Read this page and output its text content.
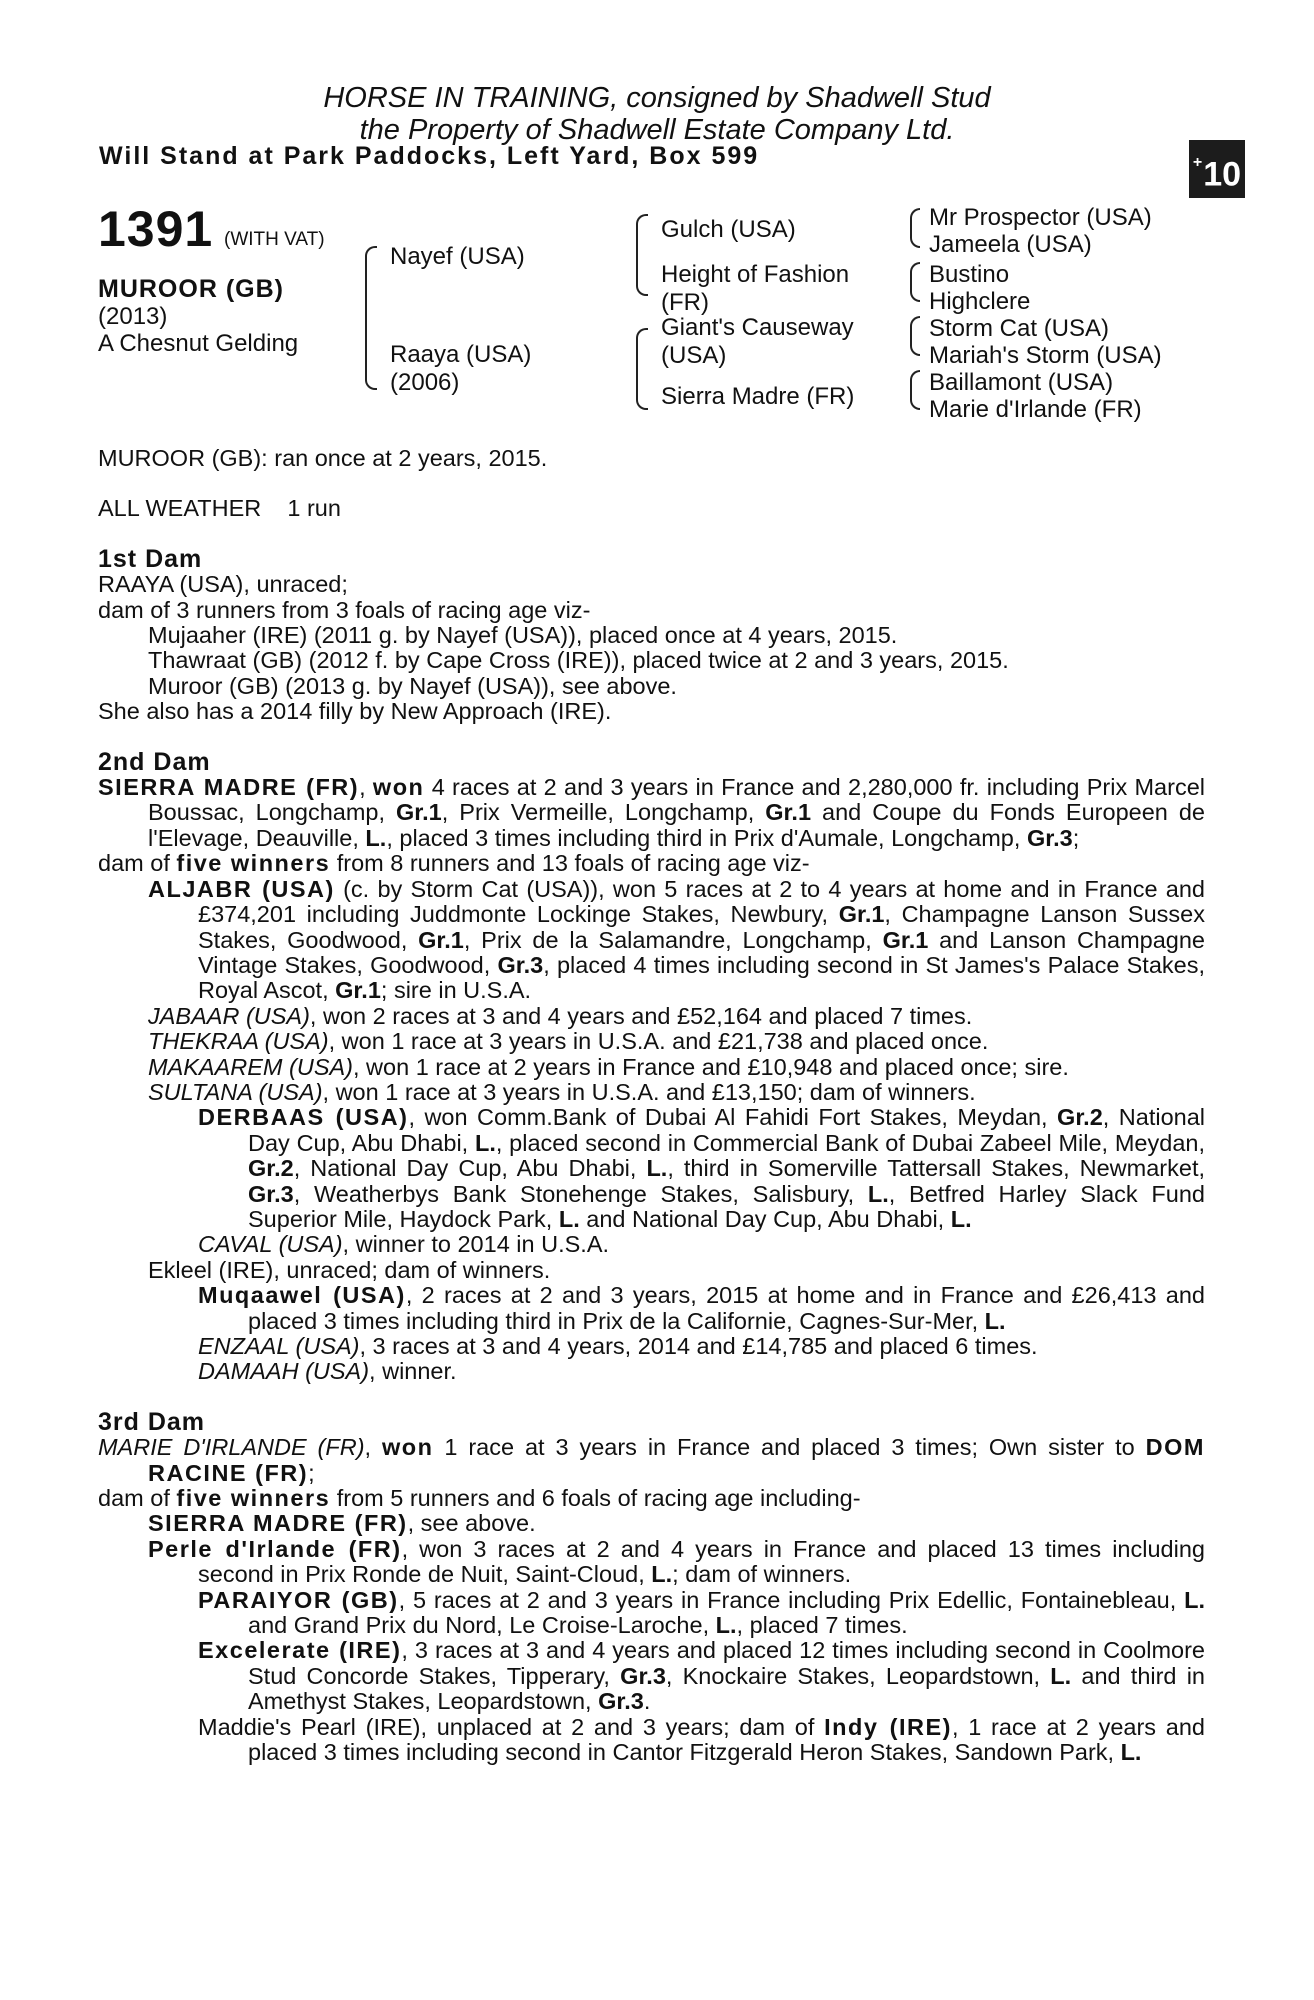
HORSE IN TRAINING, consigned by Shadwell Stud
the Property of Shadwell Estate Company Ltd.
Will Stand at Park Paddocks, Left Yard, Box 599	+10
1391 (WITH VAT)
MUROOR (GB)
(2013)
A Chesnut Gelding
Nayef (USA)
Raaya (USA)
(2006)
Gulch (USA)
Height of Fashion
(FR)
Giant's Causeway
(USA)
Sierra Madre (FR)
Mr Prospector (USA)
Jameela (USA)
Bustino
Highclere
Storm Cat (USA)
Mariah's Storm (USA)
Baillamont (USA)
Marie d'Irlande (FR)

MUROOR (GB): ran once at 2 years, 2015.

ALL WEATHER 1 run

1st Dam

RAAYA (USA), unraced;

dam of 3 runners from 3 foals of racing age viz-

Mujaaher (IRE) (2011 g. by Nayef (USA)), placed once at 4 years, 2015.

Thawraat (GB) (2012 f. by Cape Cross (IRE)), placed twice at 2 and 3 years, 2015.

Muroor (GB) (2013 g. by Nayef (USA)), see above.

She also has a 2014 filly by New Approach (IRE).

2nd Dam

SIERRA MADRE (FR), won 4 races at 2 and 3 years in France and 2,280,000 fr. including Prix Marcel Boussac, Longchamp, Gr.1, Prix Vermeille, Longchamp, Gr.1 and Coupe du Fonds Europeen de l'Elevage, Deauville, L., placed 3 times including third in Prix d'Aumale, Longchamp, Gr.3;

dam of five winners from 8 runners and 13 foals of racing age viz-

ALJABR (USA) (c. by Storm Cat (USA)), won 5 races at 2 to 4 years at home and in France and £374,201 including Juddmonte Lockinge Stakes, Newbury, Gr.1, Champagne Lanson Sussex Stakes, Goodwood, Gr.1, Prix de la Salamandre, Longchamp, Gr.1 and Lanson Champagne Vintage Stakes, Goodwood, Gr.3, placed 4 times including second in St James's Palace Stakes, Royal Ascot, Gr.1; sire in U.S.A.

JABAAR (USA), won 2 races at 3 and 4 years and £52,164 and placed 7 times.

THEKRAA (USA), won 1 race at 3 years in U.S.A. and £21,738 and placed once.

MAKAAREM (USA), won 1 race at 2 years in France and £10,948 and placed once; sire.

SULTANA (USA), won 1 race at 3 years in U.S.A. and £13,150; dam of winners.

DERBAAS (USA), won Comm.Bank of Dubai Al Fahidi Fort Stakes, Meydan, Gr.2, National Day Cup, Abu Dhabi, L., placed second in Commercial Bank of Dubai Zabeel Mile, Meydan, Gr.2, National Day Cup, Abu Dhabi, L., third in Somerville Tattersall Stakes, Newmarket, Gr.3, Weatherbys Bank Stonehenge Stakes, Salisbury, L., Betfred Harley Slack Fund Superior Mile, Haydock Park, L. and National Day Cup, Abu Dhabi, L.

CAVAL (USA), winner to 2014 in U.S.A.

Ekleel (IRE), unraced; dam of winners.

Muqaawel (USA), 2 races at 2 and 3 years, 2015 at home and in France and £26,413 and placed 3 times including third in Prix de la Californie, Cagnes-Sur-Mer, L.

ENZAAL (USA), 3 races at 3 and 4 years, 2014 and £14,785 and placed 6 times.

DAMAAH (USA), winner.

3rd Dam

MARIE D'IRLANDE (FR), won 1 race at 3 years in France and placed 3 times; Own sister to DOM RACINE (FR);

dam of five winners from 5 runners and 6 foals of racing age including-

SIERRA MADRE (FR), see above.

Perle d'Irlande (FR), won 3 races at 2 and 4 years in France and placed 13 times including second in Prix Ronde de Nuit, Saint-Cloud, L.; dam of winners.

PARAIYOR (GB), 5 races at 2 and 3 years in France including Prix Edellic, Fontainebleau, L. and Grand Prix du Nord, Le Croise-Laroche, L., placed 7 times.

Excelerate (IRE), 3 races at 3 and 4 years and placed 12 times including second in Coolmore Stud Concorde Stakes, Tipperary, Gr.3, Knockaire Stakes, Leopardstown, L. and third in Amethyst Stakes, Leopardstown, Gr.3.

Maddie's Pearl (IRE), unplaced at 2 and 3 years; dam of Indy (IRE), 1 race at 2 years and placed 3 times including second in Cantor Fitzgerald Heron Stakes, Sandown Park, L.
